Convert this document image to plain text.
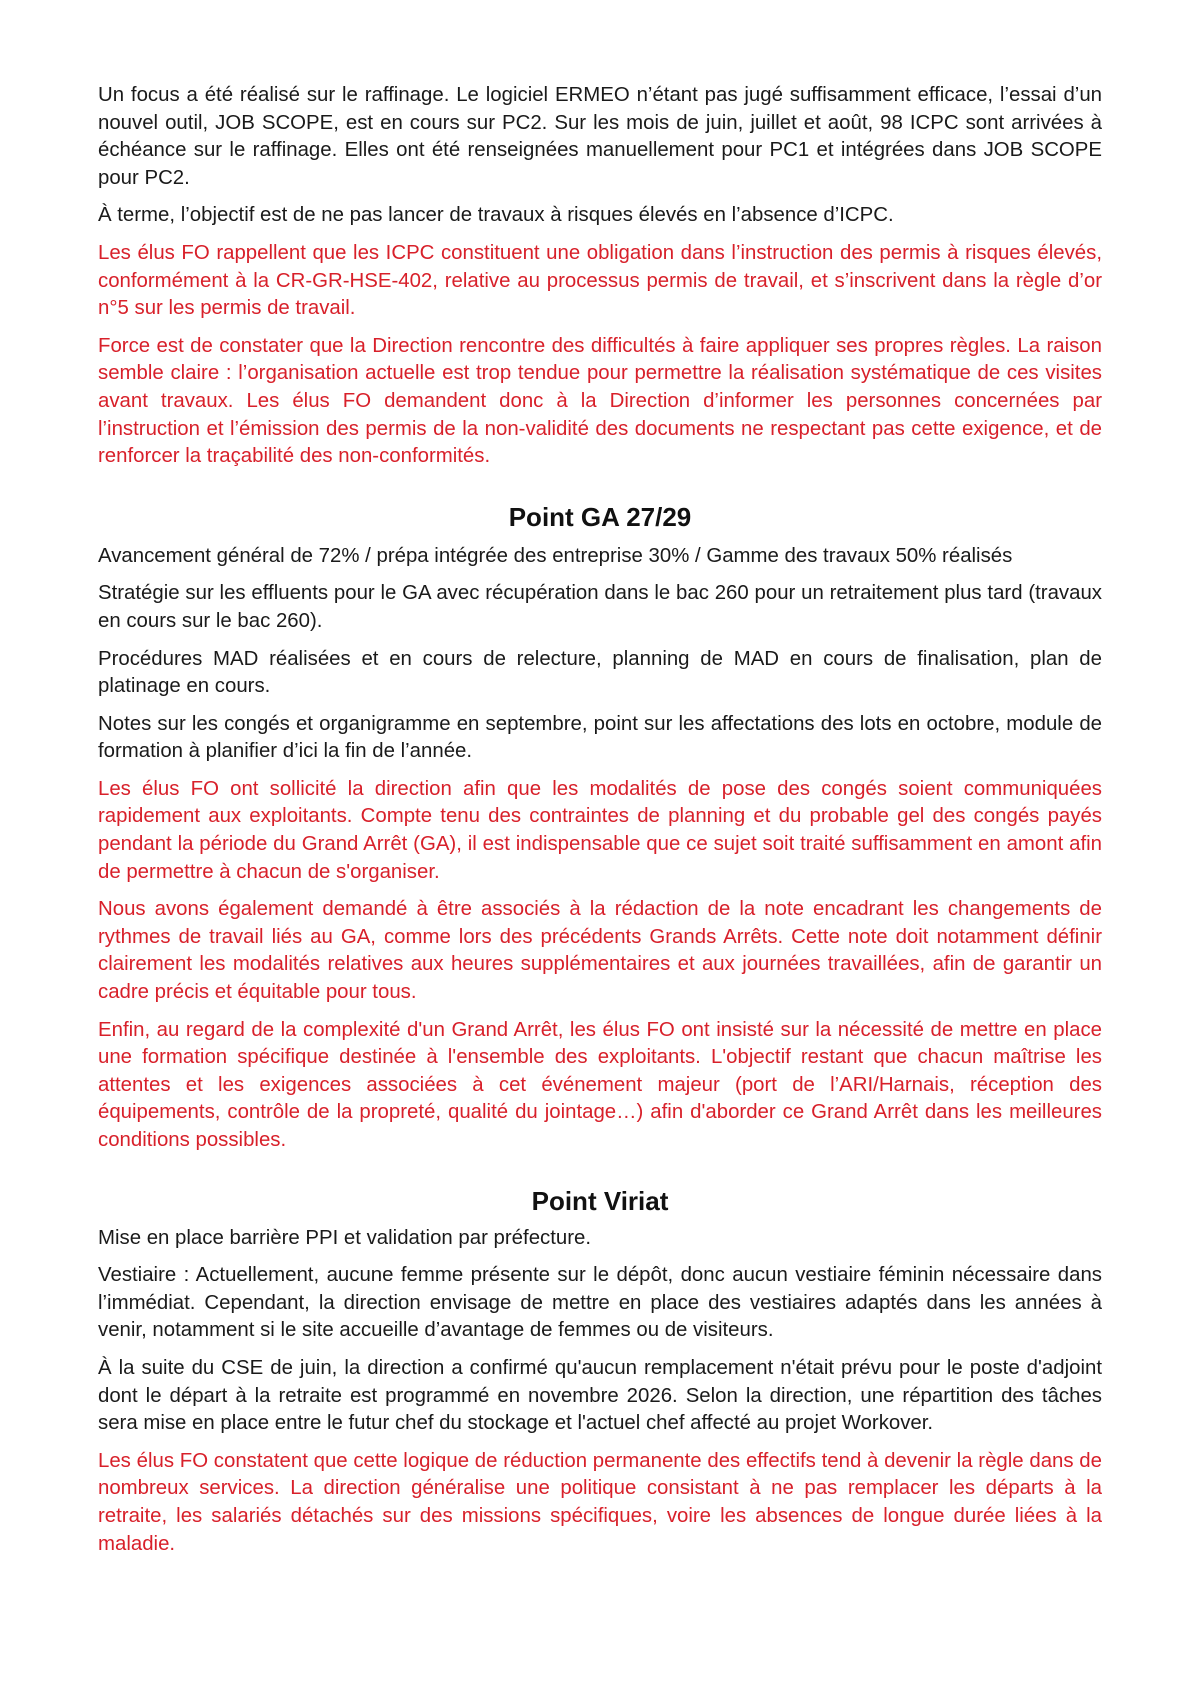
Un focus a été réalisé sur le raffinage. Le logiciel ERMEO n’étant pas jugé suffisamment efficace, l’essai d’un nouvel outil, JOB SCOPE, est en cours sur PC2. Sur les mois de juin, juillet et août, 98 ICPC sont arrivées à échéance sur le raffinage. Elles ont été renseignées manuellement pour PC1 et intégrées dans JOB SCOPE pour PC2.

À terme, l’objectif est de ne pas lancer de travaux à risques élevés en l’absence d’ICPC.

Les élus FO rappellent que les ICPC constituent une obligation dans l’instruction des permis à risques élevés, conformément à la CR-GR-HSE-402, relative au processus permis de travail, et s’inscrivent dans la règle d’or n°5 sur les permis de travail.

Force est de constater que la Direction rencontre des difficultés à faire appliquer ses propres règles. La raison semble claire : l’organisation actuelle est trop tendue pour permettre la réalisation systématique de ces visites avant travaux. Les élus FO demandent donc à la Direction d’informer les personnes concernées par l’instruction et l’émission des permis de la non-validité des documents ne respectant pas cette exigence, et de renforcer la traçabilité des non-conformités.

Point GA 27/29

Avancement général de 72% / prépa intégrée des entreprise 30% / Gamme des travaux 50% réalisés

Stratégie sur les effluents pour le GA avec récupération dans le bac 260 pour un retraitement plus tard (travaux en cours sur le bac 260).

Procédures MAD réalisées et en cours de relecture, planning de MAD en cours de finalisation, plan de platinage en cours.

Notes sur les congés et organigramme en septembre, point sur les affectations des lots en octobre, module de formation à planifier d’ici la fin de l’année.

Les élus FO ont sollicité la direction afin que les modalités de pose des congés soient communiquées rapidement aux exploitants. Compte tenu des contraintes de planning et du probable gel des congés payés pendant la période du Grand Arrêt (GA), il est indispensable que ce sujet soit traité suffisamment en amont afin de permettre à chacun de s'organiser.

Nous avons également demandé à être associés à la rédaction de la note encadrant les changements de rythmes de travail liés au GA, comme lors des précédents Grands Arrêts. Cette note doit notamment définir clairement les modalités relatives aux heures supplémentaires et aux journées travaillées, afin de garantir un cadre précis et équitable pour tous.

Enfin, au regard de la complexité d'un Grand Arrêt, les élus FO ont insisté sur la nécessité de mettre en place une formation spécifique destinée à l'ensemble des exploitants. L'objectif restant que chacun maîtrise les attentes et les exigences associées à cet événement majeur (port de l’ARI/Harnais, réception des équipements, contrôle de la propreté, qualité du jointage…) afin d'aborder ce Grand Arrêt dans les meilleures conditions possibles.

Point Viriat

Mise en place barrière PPI et validation par préfecture.

Vestiaire : Actuellement, aucune femme présente sur le dépôt, donc aucun vestiaire féminin nécessaire dans l’immédiat. Cependant, la direction envisage de mettre en place des vestiaires adaptés dans les années à venir, notamment si le site accueille d’avantage de femmes ou de visiteurs.

À la suite du CSE de juin, la direction a confirmé qu'aucun remplacement n'était prévu pour le poste d'adjoint dont le départ à la retraite est programmé en novembre 2026. Selon la direction, une répartition des tâches sera mise en place entre le futur chef du stockage et l'actuel chef affecté au projet Workover.

Les élus FO constatent que cette logique de réduction permanente des effectifs tend à devenir la règle dans de nombreux services. La direction généralise une politique consistant à ne pas remplacer les départs à la retraite, les salariés détachés sur des missions spécifiques, voire les absences de longue durée liées à la maladie.
